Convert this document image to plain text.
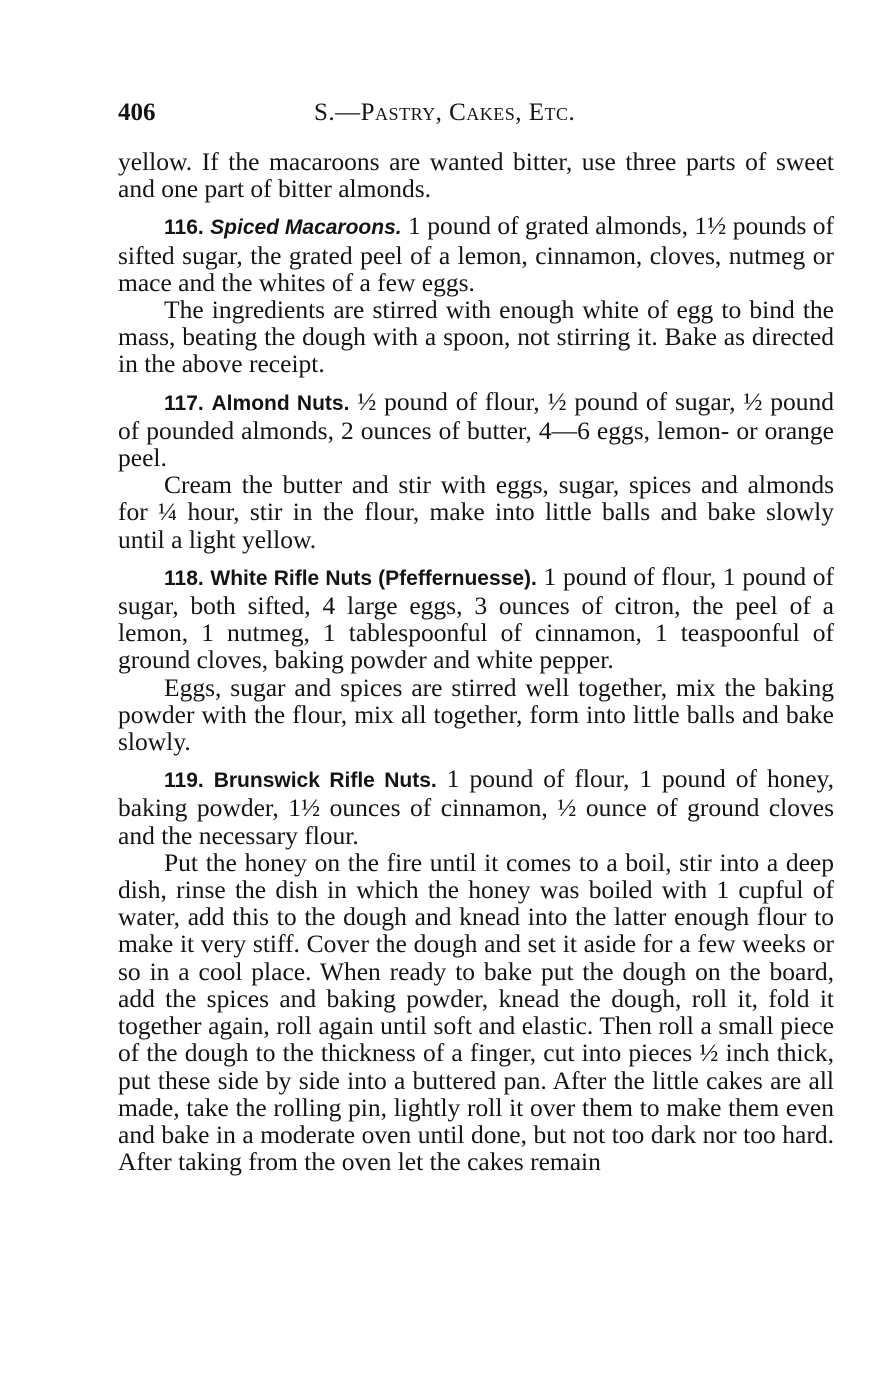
406	S.—Pastry, Cakes, Etc.

yellow. If the macaroons are wanted bitter, use three parts of sweet and one part of bitter almonds.

116. Spiced Macaroons. 1 pound of grated almonds, 1½ pounds of sifted sugar, the grated peel of a lemon, cinnamon, cloves, nutmeg or mace and the whites of a few eggs.

The ingredients are stirred with enough white of egg to bind the mass, beating the dough with a spoon, not stirring it. Bake as directed in the above receipt.

117. Almond Nuts. ½ pound of flour, ½ pound of sugar, ½ pound of pounded almonds, 2 ounces of butter, 4—6 eggs, lemon- or orange peel.

Cream the butter and stir with eggs, sugar, spices and almonds for ¼ hour, stir in the flour, make into little balls and bake slowly until a light yellow.

118. White Rifle Nuts (Pfeffernuesse). 1 pound of flour, 1 pound of sugar, both sifted, 4 large eggs, 3 ounces of citron, the peel of a lemon, 1 nutmeg, 1 tablespoonful of cinnamon, 1 teaspoonful of ground cloves, baking powder and white pepper.

Eggs, sugar and spices are stirred well together, mix the baking powder with the flour, mix all together, form into little balls and bake slowly.

119. Brunswick Rifle Nuts. 1 pound of flour, 1 pound of honey, baking powder, 1½ ounces of cinnamon, ½ ounce of ground cloves and the necessary flour.

Put the honey on the fire until it comes to a boil, stir into a deep dish, rinse the dish in which the honey was boiled with 1 cupful of water, add this to the dough and knead into the latter enough flour to make it very stiff. Cover the dough and set it aside for a few weeks or so in a cool place. When ready to bake put the dough on the board, add the spices and baking powder, knead the dough, roll it, fold it together again, roll again until soft and elastic. Then roll a small piece of the dough to the thickness of a finger, cut into pieces ½ inch thick, put these side by side into a buttered pan. After the little cakes are all made, take the rolling pin, lightly roll it over them to make them even and bake in a moderate oven until done, but not too dark nor too hard. After taking from the oven let the cakes remain
